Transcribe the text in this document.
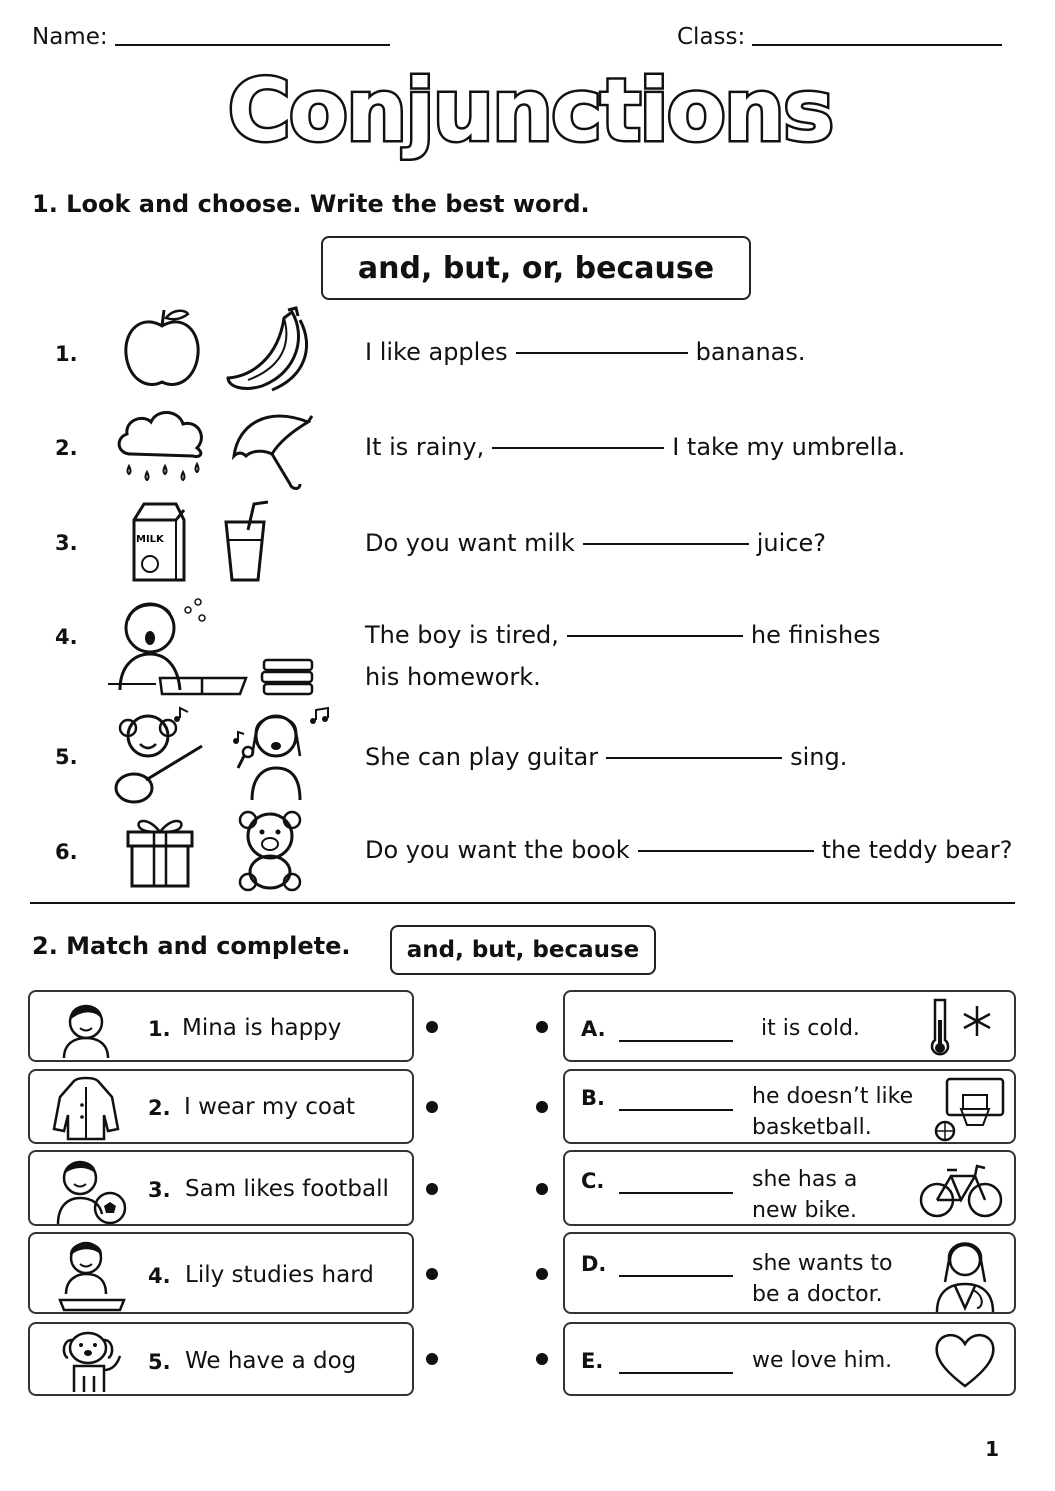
Name:	Class:
Conjunctions
1. Look and choose. Write the best word.
and, but, or, because
1.	I like apples	bananas.
2.	It is rainy,	I take my umbrella.
3.	MILK	Do you want milk	juice?
4.	The boy is tired,	he finishes
his homework.
5.	She can play guitar	sing.
6.	Do you want the book	the teddy bear?
2. Match and complete.	and, but, because
1. Mina is happy
2. I wear my coat
3. Sam likes football
4. Lily studies hard
5. We have a dog
A.	it is cold.
B.	he doesn’t like
basketball.
C.	she has a
new bike.
D.	she wants to
be a doctor.
E.	we love him.
1
